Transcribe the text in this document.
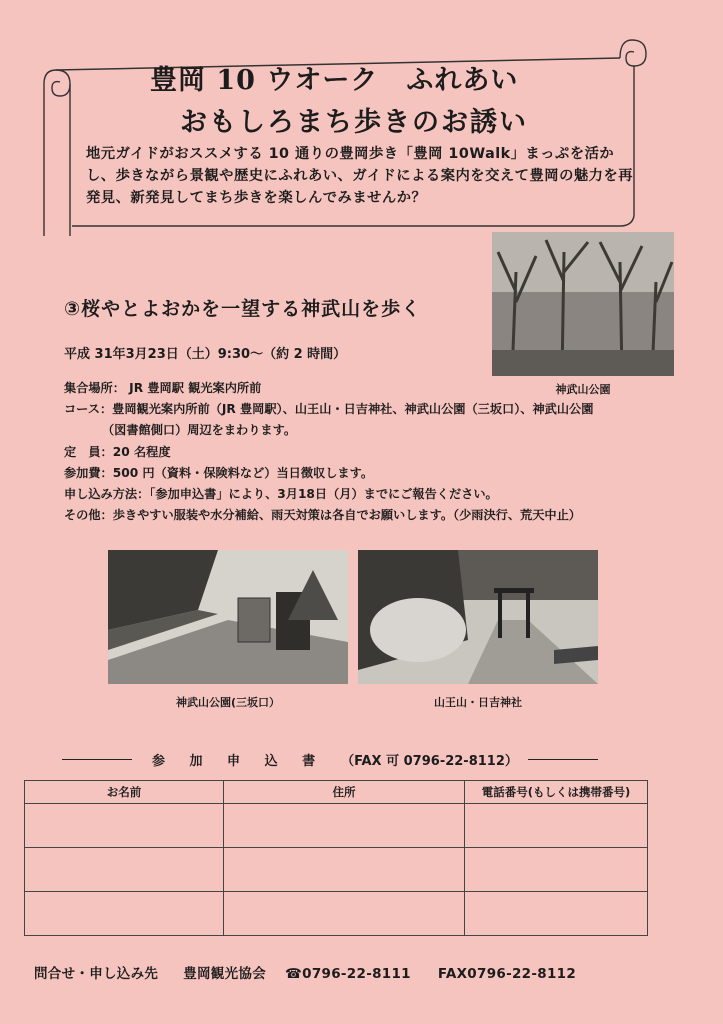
豊岡 10 ウオーク　ふれあい
おもしろまち歩きのお誘い
地元ガイドがおススメする 10 通りの豊岡歩き「豊岡 10Walk」まっぷを活かし、歩きながら景観や歴史にふれあい、ガイドによる案内を交えて豊岡の魅力を再発見、新発見してまち歩きを楽しんでみませんか？
神武山公園
③桜やとよおかを一望する神武山を歩く
平成 31年3月23日（土）9:30～（約 2 時間）
集合場所： JR 豊岡駅 観光案内所前
コース：豊岡観光案内所前（JR 豊岡駅）、山王山・日吉神社、神武山公園（三坂口）、神武山公園
（図書館側口）周辺をまわります。
定　員：20 名程度
参加費：500 円（資料・保険料など）当日徴収します。
申し込み方法：「参加申込書」により、3月18日（月）までにご報告ください。
その他：歩きやすい服装や水分補給、雨天対策は各自でお願いします。（少雨決行、荒天中止）
神武山公園(三坂口）	山王山・日吉神社
参 加 申 込 書 （FAX 可 0796-22-8112）
お名前	住所	電話番号(もしくは携帯番号)

問合せ・申し込み先 豊岡観光協会 ☎0796-22-8111 FAX0796-22-8112
